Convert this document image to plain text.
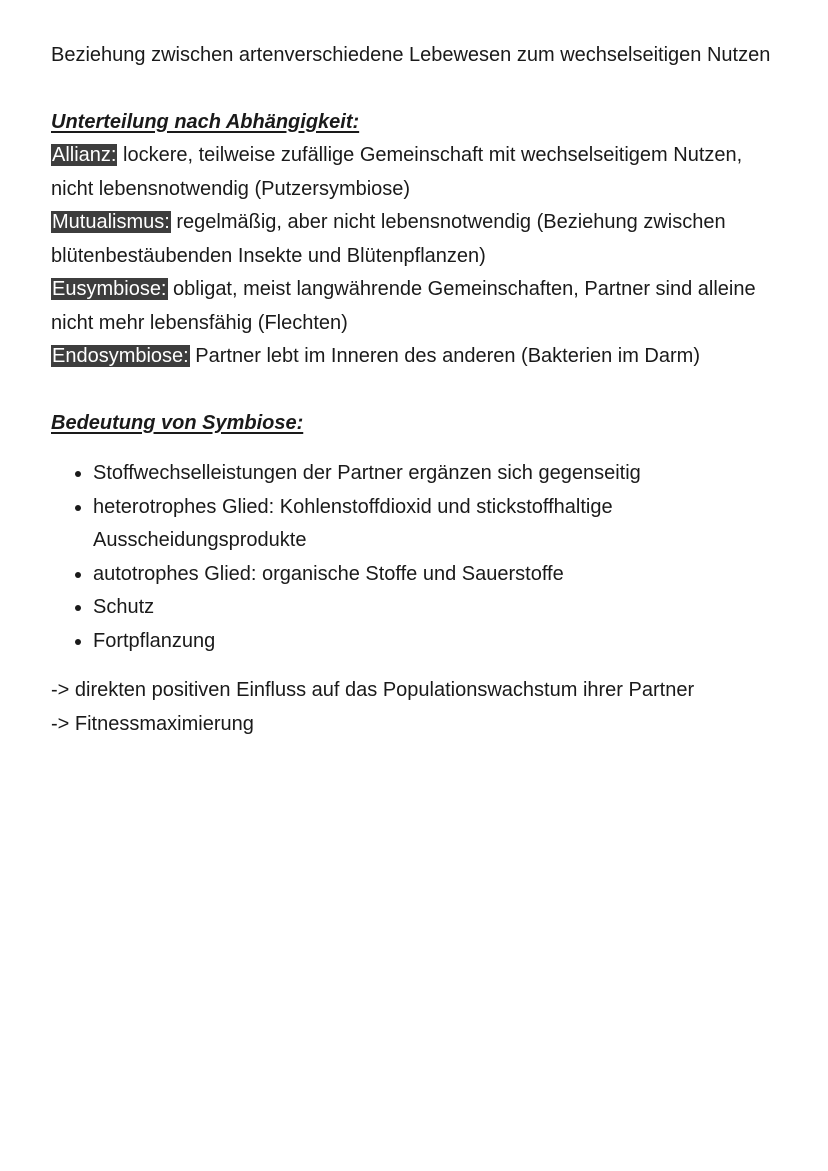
Beziehung zwischen artenverschiedene Lebewesen zum wechselseitigen Nutzen

Unterteilung nach Abhängigkeit:

Allianz: lockere, teilweise zufällige Gemeinschaft mit wechselseitigem Nutzen, nicht lebensnotwendig (Putzersymbiose)

Mutualismus: regelmäßig, aber nicht lebensnotwendig (Beziehung zwischen blütenbestäubenden Insekte und Blütenpflanzen)

Eusymbiose: obligat, meist langwährende Gemeinschaften, Partner sind alleine nicht mehr lebensfähig (Flechten)

Endosymbiose: Partner lebt im Inneren des anderen (Bakterien im Darm)

Bedeutung von Symbiose:
• Stoffwechselleistungen der Partner ergänzen sich gegenseitig
• heterotrophes Glied: Kohlenstoffdioxid und stickstoffhaltige Ausscheidungsprodukte
• autotrophes Glied: organische Stoffe und Sauerstoffe
• Schutz
• Fortpflanzung

-> direkten positiven Einfluss auf das Populationswachstum ihrer Partner

-> Fitnessmaximierung
